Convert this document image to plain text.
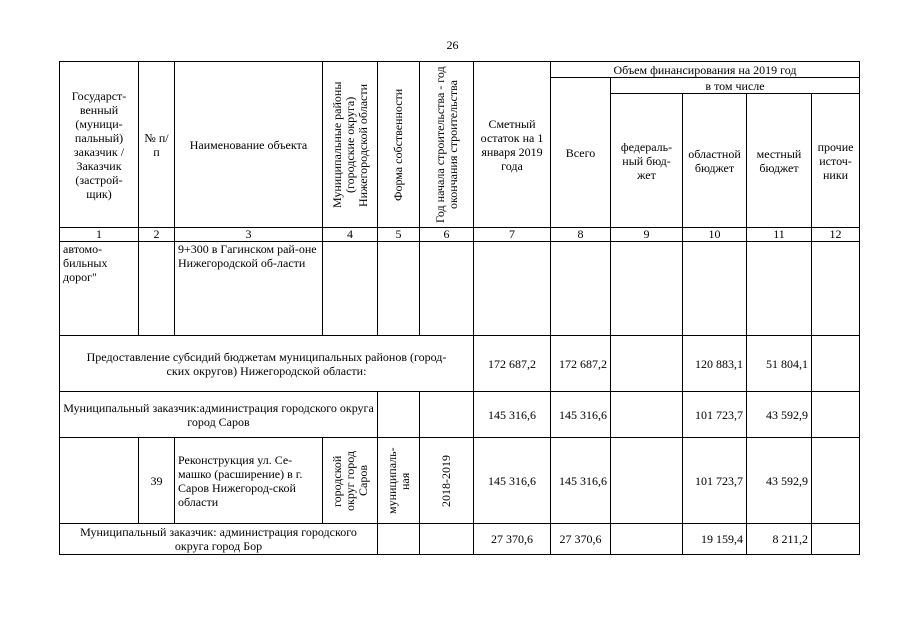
26
Государст-венный (муници-пальный) заказчик / Заказчик (застрой-щик)	№ п/п	Наименование объекта	Муниципальные районы (городские округа) Нижегородской области	Форма собственности	Год начала строительства - год окончания строительства	Сметный остаток на 1 января 2019 года	Объем финансирования на 2019 год				
							Всего	в том числе			
								федераль-ный бюд-жет	областной бюджет	местный бюджет	прочие источ-ники
1	2	3	4	5	6	7	8	9	10	11	12
автомо-бильных дорог"		9+300 в Гагинском рай-оне Нижегородской об-ласти									
Предоставление субсидий бюджетам муниципальных районов (город-ских округов) Нижегородской области:						172 687,2	172 687,2		120 883,1	51 804,1	
Муниципальный заказчик:администрация городского округа город Саров						145 316,6	145 316,6		101 723,7	43 592,9	
	39	Реконструкция ул. Се-машко (расширение) в г. Саров Нижегород-ской области	городской округ город Саров	муниципаль-ная	2018-2019	145 316,6	145 316,6		101 723,7	43 592,9	
Муниципальный заказчик: администрация городского округа город Бор						27 370,6	27 370,6		19 159,4	8 211,2	
